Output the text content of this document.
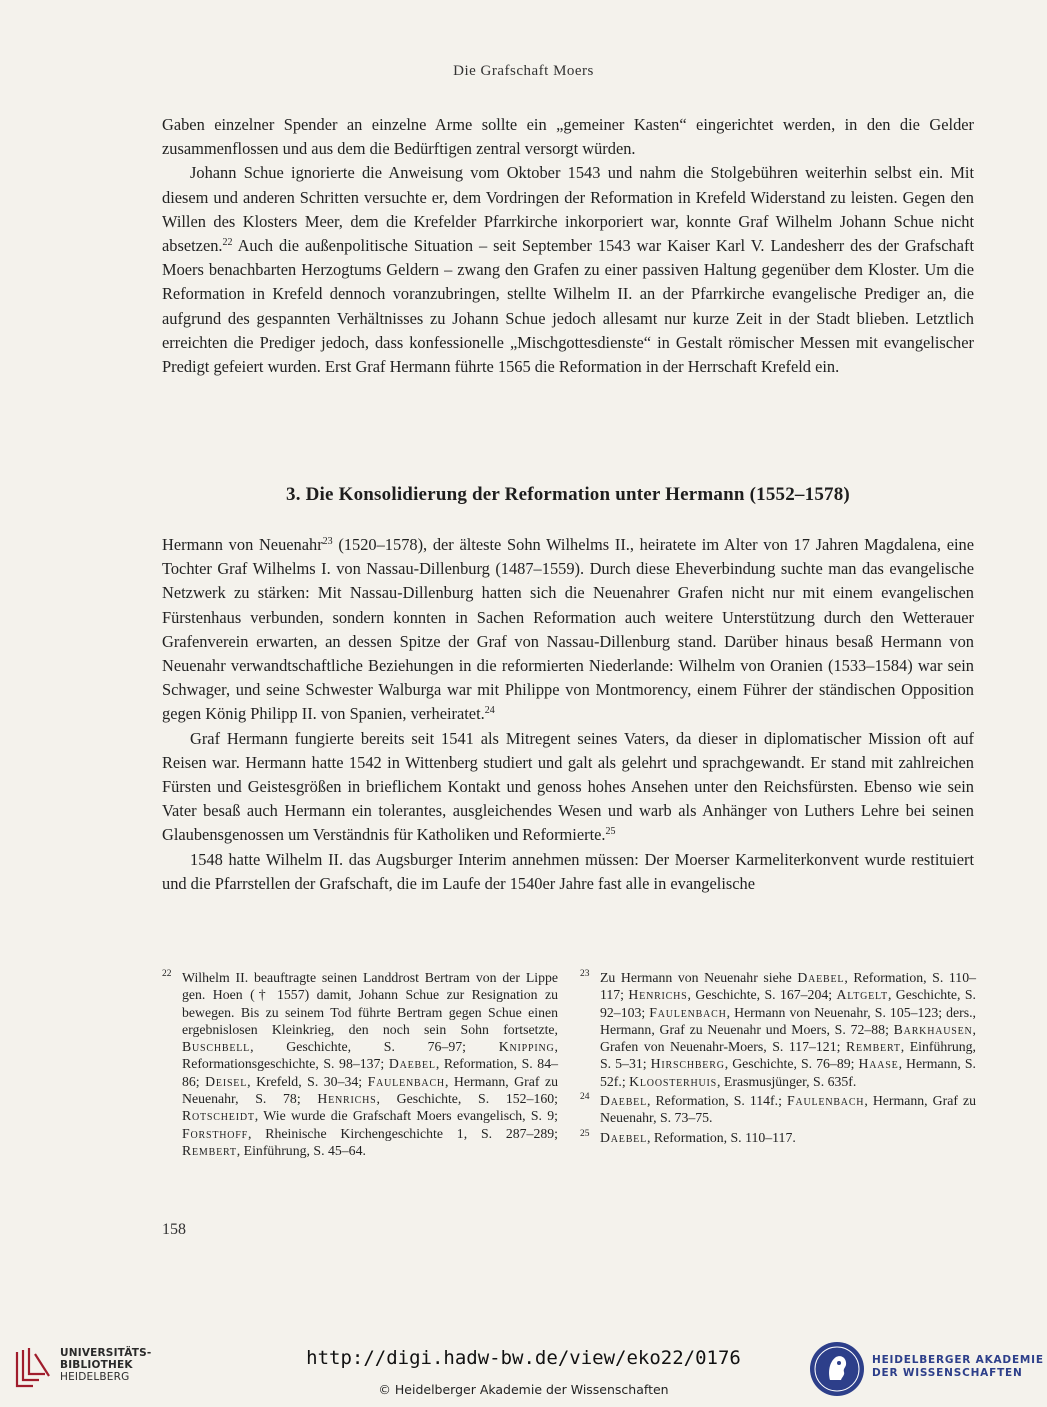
Die Grafschaft Moers

Gaben einzelner Spender an einzelne Arme sollte ein „gemeiner Kasten“ eingerichtet werden, in den die Gelder zusammenflossen und aus dem die Bedürftigen zentral versorgt würden.

Johann Schue ignorierte die Anweisung vom Oktober 1543 und nahm die Stolgebühren weiterhin selbst ein. Mit diesem und anderen Schritten versuchte er, dem Vordringen der Reformation in Krefeld Widerstand zu leisten. Gegen den Willen des Klosters Meer, dem die Krefelder Pfarrkirche inkorporiert war, konnte Graf Wilhelm Johann Schue nicht absetzen.$^{22}$ Auch die außenpolitische Situation – seit September 1543 war Kaiser Karl V. Landesherr des der Grafschaft Moers benachbarten Herzogtums Geldern – zwang den Grafen zu einer passiven Haltung gegenüber dem Kloster. Um die Reformation in Krefeld dennoch voranzubringen, stellte Wilhelm II. an der Pfarrkirche evangelische Prediger an, die aufgrund des gespannten Verhältnisses zu Johann Schue jedoch allesamt nur kurze Zeit in der Stadt blieben. Letztlich erreichten die Prediger jedoch, dass konfessionelle „Mischgottesdienste“ in Gestalt römischer Messen mit evangelischer Predigt gefeiert wurden. Erst Graf Hermann führte 1565 die Reformation in der Herrschaft Krefeld ein.

3. Die Konsolidierung der Reformation unter Hermann (1552–1578)

Hermann von Neuenahr$^{23}$ (1520–1578), der älteste Sohn Wilhelms II., heiratete im Alter von 17 Jahren Magdalena, eine Tochter Graf Wilhelms I. von Nassau-Dillenburg (1487–1559). Durch diese Eheverbindung suchte man das evangelische Netzwerk zu stärken: Mit Nassau-Dillenburg hatten sich die Neuenahrer Grafen nicht nur mit einem evangelischen Fürstenhaus verbunden, sondern konnten in Sachen Reformation auch weitere Unterstützung durch den Wetterauer Grafenverein erwarten, an dessen Spitze der Graf von Nassau-Dillenburg stand. Darüber hinaus besaß Hermann von Neuenahr verwandtschaftliche Beziehungen in die reformierten Niederlande: Wilhelm von Oranien (1533–1584) war sein Schwager, und seine Schwester Walburga war mit Philippe von Montmorency, einem Führer der ständischen Opposition gegen König Philipp II. von Spanien, verheiratet.$^{24}$

Graf Hermann fungierte bereits seit 1541 als Mitregent seines Vaters, da dieser in diplomatischer Mission oft auf Reisen war. Hermann hatte 1542 in Wittenberg studiert und galt als gelehrt und sprachgewandt. Er stand mit zahlreichen Fürsten und Geistesgrößen in brieflichem Kontakt und genoss hohes Ansehen unter den Reichsfürsten. Ebenso wie sein Vater besaß auch Hermann ein tolerantes, ausgleichendes Wesen und warb als Anhänger von Luthers Lehre bei seinen Glaubensgenossen um Verständnis für Katholiken und Reformierte.$^{25}$

1548 hatte Wilhelm II. das Augsburger Interim annehmen müssen: Der Moerser Karmeliterkonvent wurde restituiert und die Pfarrstellen der Grafschaft, die im Laufe der 1540er Jahre fast alle in evangelische

22 Wilhelm II. beauftragte seinen Landdrost Bertram von der Lippe gen. Hoen († 1557) damit, Johann Schue zur Resignation zu bewegen. Bis zu seinem Tod führte Bertram gegen Schue einen ergebnislosen Kleinkrieg, den noch sein Sohn fortsetzte, Buschbell, Geschichte, S. 76–97; Knipping, Reformationsgeschichte, S. 98–137; Daebel, Reformation, S. 84–86; Deisel, Krefeld, S. 30–34; Faulenbach, Hermann, Graf zu Neuenahr, S. 78; Henrichs, Geschichte, S. 152–160; Rotscheidt, Wie wurde die Grafschaft Moers evangelisch, S. 9; Forsthoff, Rheinische Kirchengeschichte 1, S. 287–289; Rembert, Einführung, S. 45–64.
23 Zu Hermann von Neuenahr siehe Daebel, Reformation, S. 110–117; Henrichs, Geschichte, S. 167–204; Altgelt, Geschichte, S. 92–103; Faulenbach, Hermann von Neuenahr, S. 105–123; ders., Hermann, Graf zu Neuenahr und Moers, S. 72–88; Barkhausen, Grafen von Neuenahr-Moers, S. 117–121; Rembert, Einführung, S. 5–31; Hirschberg, Geschichte, S. 76–89; Haase, Hermann, S. 52f.; Kloosterhuis, Erasmusjünger, S. 635f.
24 Daebel, Reformation, S. 114f.; Faulenbach, Hermann, Graf zu Neuenahr, S. 73–75.
25 Daebel, Reformation, S. 110–117.
158
UNIVERSITÄTS-
BIBLIOTHEK
HEIDELBERG
http://digi.hadw-bw.de/view/eko22/0176
© Heidelberger Akademie der Wissenschaften
HEIDELBERGER AKADEMIE
DER WISSENSCHAFTEN
